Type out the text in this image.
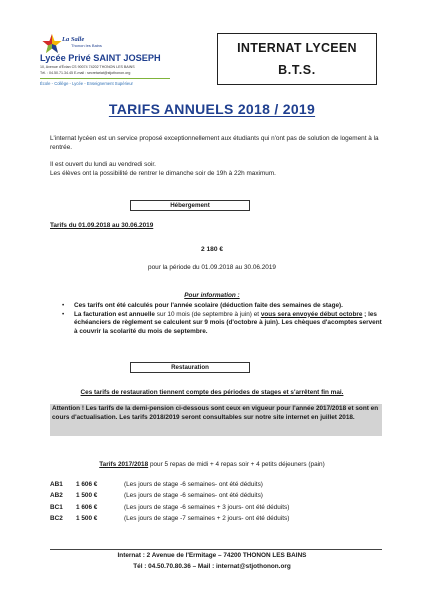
La Salle
Thonon les Bains
Lycée Privé SAINT JOSEPH
10, Avenue d'Évian CS 90074 74202 THONON LES BAINS
Tél. : 04.50.71.34.45 E-mail : secretariat@stjothonon.org
École - Collège - Lycée - Enseignement Supérieur
INTERNAT LYCEEN
B.T.S.
TARIFS ANNUELS 2018 / 2019
L'internat lycéen est un service proposé exceptionnellement aux étudiants qui n'ont pas de solution de logement à la rentrée.
Il est ouvert du lundi au vendredi soir.
Les élèves ont la possibilité de rentrer le dimanche soir de 19h à 22h maximum.
Hébergement
Tarifs du 01.09.2018 au 30.06.2019
2 180 €
pour la période du 01.09.2018 au 30.06.2019
Pour information :
• Ces tarifs ont été calculés pour l'année scolaire (déduction faite des semaines de stage).
• La facturation est annuelle sur 10 mois (de septembre à juin) et vous sera envoyée début octobre ; les échéanciers de règlement se calculent sur 9 mois (d'octobre à juin). Les chèques d'acomptes servent à couvrir la scolarité du mois de septembre.
Restauration
Ces tarifs de restauration tiennent compte des périodes de stages et s'arrêtent fin mai.
Attention ! Les tarifs de la demi-pension ci-dessous sont ceux en vigueur pour l'année 2017/2018 et sont en cours d'actualisation. Les tarifs 2018/2019 seront consultables sur notre site internet en juillet 2018.
Tarifs 2017/2018 pour 5 repas de midi + 4 repas soir + 4 petits déjeuners (pain)
AB1 1 606 €	(Les jours de stage -6 semaines- ont été déduits)
AB2 1 500 €	(Les jours de stage -6 semaines- ont été déduits)
BC1 1 606 €	(Les jours de stage -6 semaines + 3 jours- ont été déduits)
BC2 1 500 €	(Les jours de stage -7 semaines + 2 jours- ont été déduits)
Internat : 2 Avenue de l'Ermitage – 74200 THONON LES BAINS
Tél : 04.50.70.80.36 – Mail : internat@stjothonon.org
